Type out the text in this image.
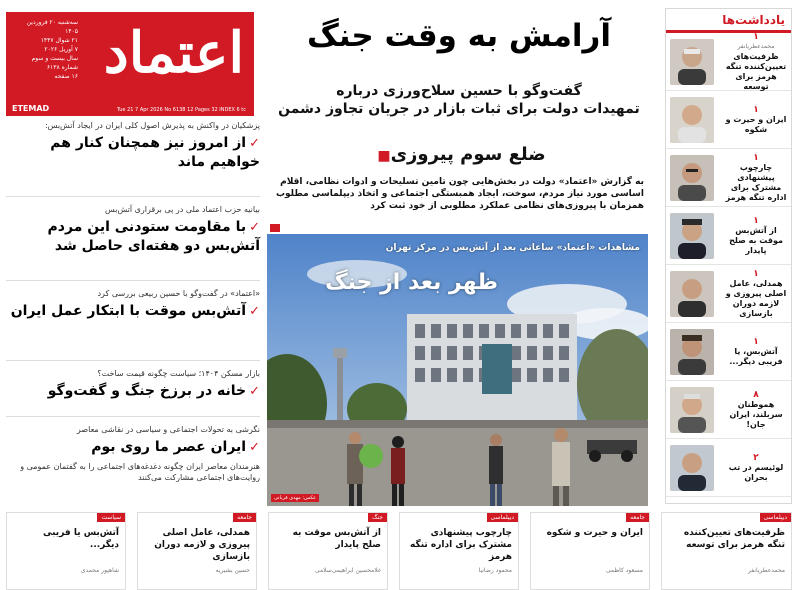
یادداشت‌ها
۱
محمدعطریانفر
ظرفیت‌های تعیین‌کننده تنگه هرمز برای توسعه
۱
ایران و حیرت و شکوه
۱
چارچوب پیشنهادی مشترک برای اداره تنگه هرمز
۱
از آتش‌بس موقت به صلح پایدار
۱
همدلی، عامل اصلی پیروزی و لازمه دوران بازسازی
۱
آتش‌بس، یا فریبی دیگر...
۸
هموطنان سربلند، ایران جان!
۲
لوئیسم در تب بحران
اعتماد
سه‌شنبه ۲۰ فروردین ۱۴۰۵
۲۱ شوال ۱۴۴۷
۷ آوریل ۲۰۲۶
سال بیست و سوم
شماره ۶۱۳۸
۱۶ صفحه
ETEMAD	Tue 21 7 Apr 2026 No 6138 12 Pages 32 INDEX 6 tc
پزشکیان در واکنش به پذیرش اصول کلی ایران در ایجاد آتش‌بس:
✓از امروز نیز همچنان کنار هم خواهیم ماند
بیانیه حزب اعتماد ملی در پی برقراری آتش‌بس
✓با مقاومت ستودنی این مردم آتش‌بس دو هفته‌ای حاصل شد
«اعتماد» در گفت‌وگو با حسین ربیعی بررسی کرد
✓آتش‌بس موقت با ابتکار عمل ایران
بازار مسکن ۱۴۰۴؛ سیاست چگونه قیمت ساخت؟
✓خانه در برزخ جنگ و گفت‌وگو
نگرشی به تحولات اجتماعی و سیاسی در نقاشی معاصر
✓ایران عصر ما روی بوم
هنرمندان معاصر ایران چگونه دغدغه‌های اجتماعی را به گفتمان عمومی و روایت‌های اجتماعی مشارکت می‌کنند
آرامش به وقت جنگ
گفت‌وگو با حسین سلاح‌ورزی درباره
تمهیدات دولت برای ثبات بازار در جریان تجاوز دشمن
ضلع سوم پیروزی■
به گزارش «اعتماد» دولت در بخش‌هایی چون تامین تسلیحات و ادوات نظامی، اقلام اساسی مورد نیاز مردم، سوخت، ایجاد همبستگی اجتماعی و اتخاذ دیپلماسی مطلوب همزمان با پیروزی‌های نظامی عملکرد مطلوبی از خود ثبت کرد
مشاهدات «اعتماد» ساعاتی بعد از آتش‌بس در مرکز تهران
ظهر بعد از جنگ
عکس: مهدی قربانی
سیاست
آتش‌بس یا فریبی دیگر...
شاهپور محمدی
جامعه
همدلی، عامل اصلی پیروزی و لازمه دوران بازسازی
حسین بشیریه
جنگ
از آتش‌بس موقت به صلح پایدار
غلامحسین ابراهیمی‌سلامی
دیپلماسی
چارچوب پیشنهادی مشترک برای اداره تنگه هرمز
محمود رضانیا
جامعه
ایران و حیرت و شکوه
مسعود کاظمی
دیپلماسی
ظرفیت‌های تعیین‌کننده تنگه هرمز برای توسعه
محمدعطریانفر
